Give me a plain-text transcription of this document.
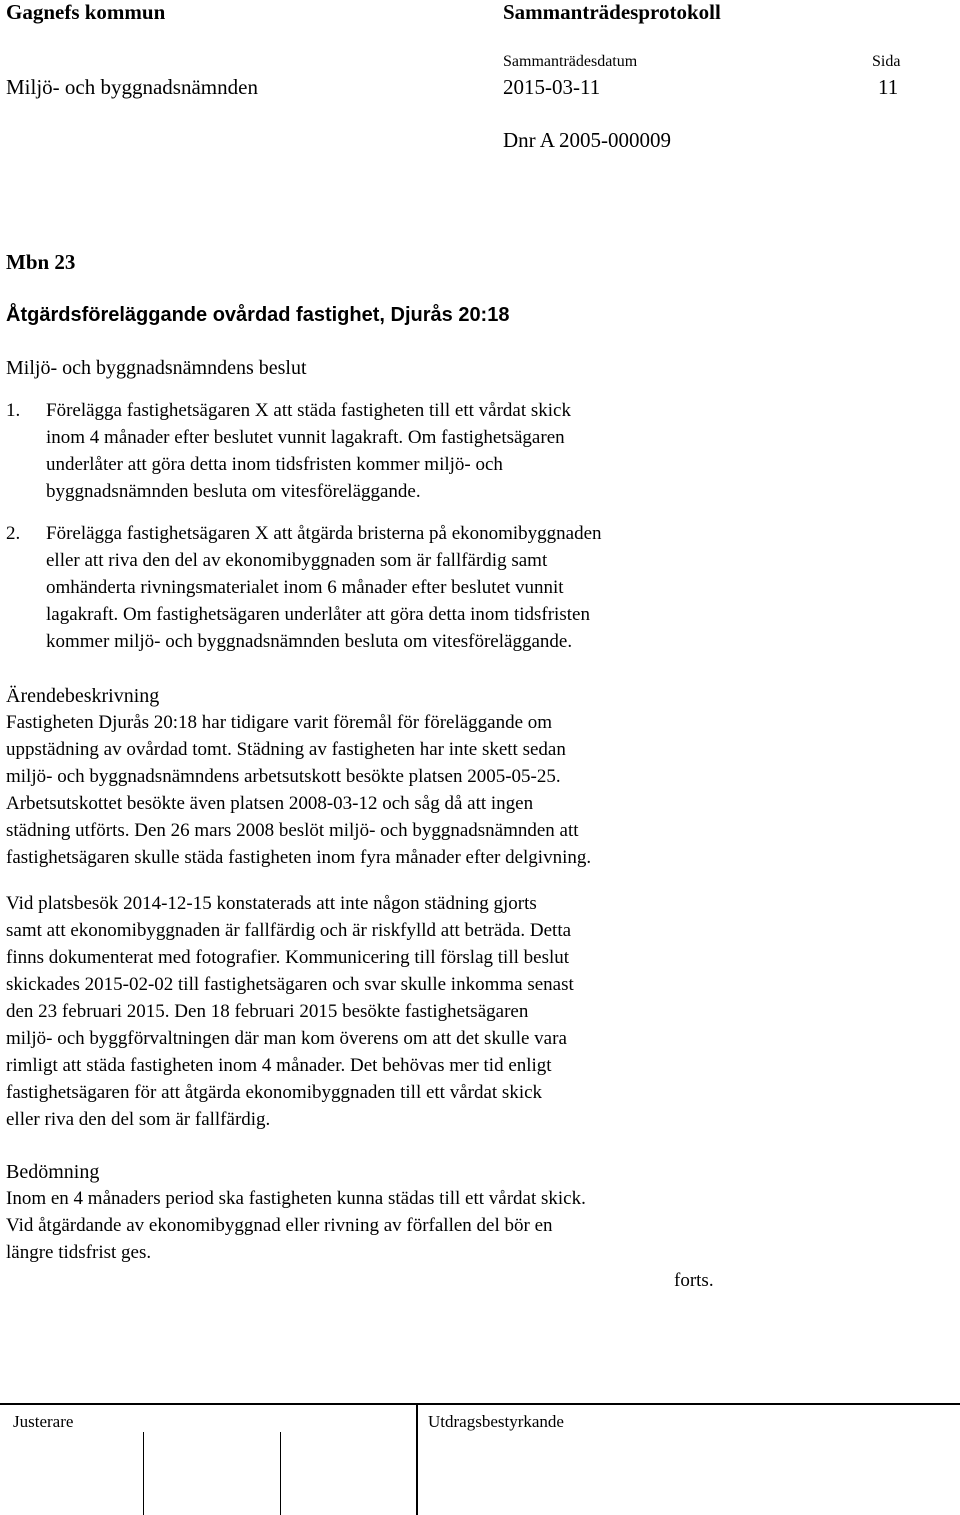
Gagnefs kommun	Sammanträdesprotokoll
Sammanträdesdatum	Sida
Miljö- och byggnadsnämnden	2015-03-11	11
Dnr A 2005-000009
Mbn 23
Åtgärdsföreläggande ovårdad fastighet, Djurås 20:18
Miljö- och byggnadsnämndens beslut
1. Förelägga fastighetsägaren X att städa fastigheten till ett vårdat skick
inom 4 månader efter beslutet vunnit lagakraft. Om fastighetsägaren
underlåter att göra detta inom tidsfristen kommer miljö- och
byggnadsnämnden besluta om vitesföreläggande.
2. Förelägga fastighetsägaren X att åtgärda bristerna på ekonomibyggnaden
eller att riva den del av ekonomibyggnaden som är fallfärdig samt
omhänderta rivningsmaterialet inom 6 månader efter beslutet vunnit
lagakraft. Om fastighetsägaren underlåter att göra detta inom tidsfristen
kommer miljö- och byggnadsnämnden besluta om vitesföreläggande.
Ärendebeskrivning
Fastigheten Djurås 20:18 har tidigare varit föremål för föreläggande om
uppstädning av ovårdad tomt. Städning av fastigheten har inte skett sedan
miljö- och byggnadsnämndens arbetsutskott besökte platsen 2005-05-25.
Arbetsutskottet besökte även platsen 2008-03-12 och såg då att ingen
städning utförts. Den 26 mars 2008 beslöt miljö- och byggnadsnämnden att
fastighetsägaren skulle städa fastigheten inom fyra månader efter delgivning.
Vid platsbesök 2014-12-15 konstaterads att inte någon städning gjorts
samt att ekonomibyggnaden är fallfärdig och är riskfylld att beträda. Detta
finns dokumenterat med fotografier. Kommunicering till förslag till beslut
skickades 2015-02-02 till fastighetsägaren och svar skulle inkomma senast
den 23 februari 2015. Den 18 februari 2015 besökte fastighetsägaren
miljö- och byggförvaltningen där man kom överens om att det skulle vara
rimligt att städa fastigheten inom 4 månader. Det behövas mer tid enligt
fastighetsägaren för att åtgärda ekonomibyggnaden till ett vårdat skick
eller riva den del som är fallfärdig.
Bedömning
Inom en 4 månaders period ska fastigheten kunna städas till ett vårdat skick.
Vid åtgärdande av ekonomibyggnad eller rivning av förfallen del bör en
längre tidsfrist ges.
forts.
Justerare	Utdragsbestyrkande
